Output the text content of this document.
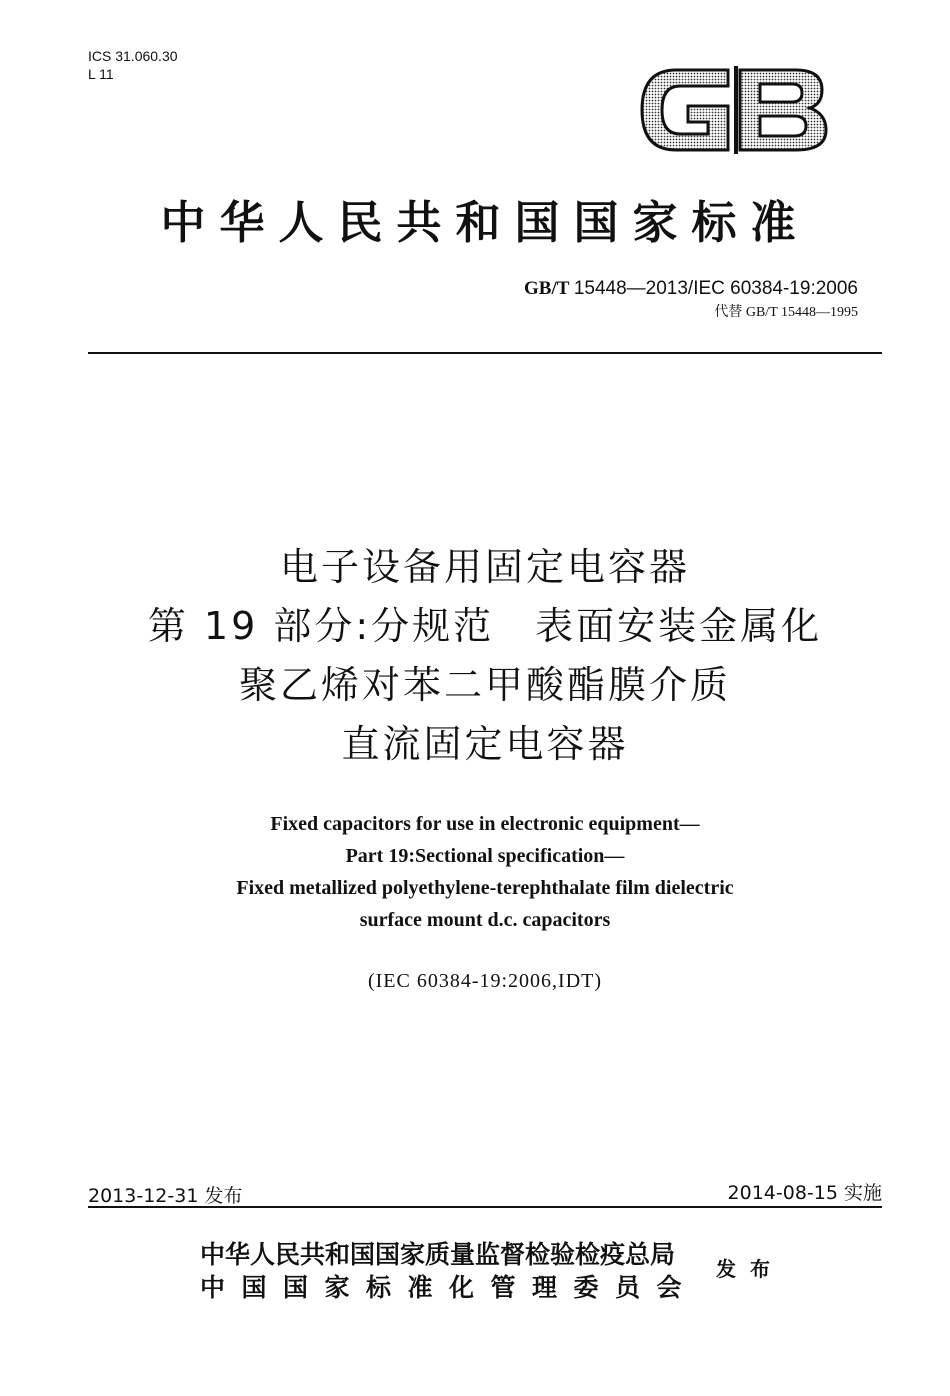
ICS 31.060.30
L 11
中华人民共和国国家标准
GB/T 15448—2013/IEC 60384-19:2006
代替 GB/T 15448—1995
电子设备用固定电容器
第 19 部分:分规范　表面安装金属化
聚乙烯对苯二甲酸酯膜介质
直流固定电容器
Fixed capacitors for use in electronic equipment—
Part 19:Sectional specification—
Fixed metallized polyethylene-terephthalate film dielectric
surface mount d.c. capacitors
(IEC 60384-19:2006,IDT)
2013-12-31 发布	2014-08-15 实施
中华人民共和国国家质量监督检验检疫总局
中国国家标准化管理委员会
发布
